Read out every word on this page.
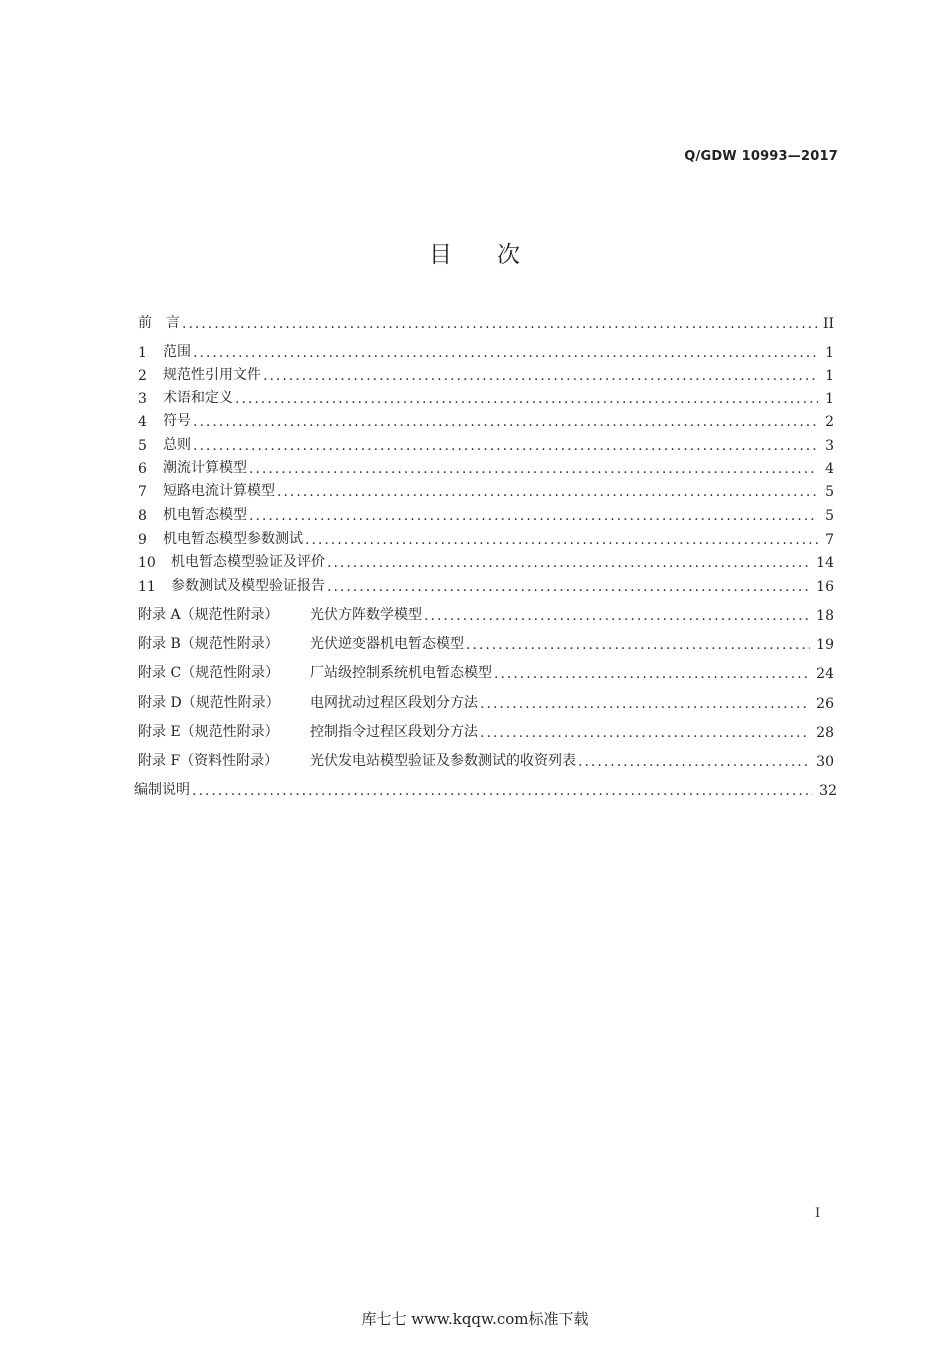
Q/GDW 10993—2017
目 次
前　言 .....	II
1	范围 .....	1
2	规范性引用文件 .....	1
3	术语和定义 .....	1
4	符号 .....	2
5	总则 .....	3
6	潮流计算模型 .....	4
7	短路电流计算模型 .....	5
8	机电暂态模型 .....	5
9	机电暂态模型参数测试 .....	7
10	机电暂态模型验证及评价 .....	14
11	参数测试及模型验证报告 .....	16
附录 A（规范性附录）	光伏方阵数学模型 .....	18
附录 B（规范性附录）	光伏逆变器机电暂态模型 .....	19
附录 C（规范性附录）	厂站级控制系统机电暂态模型 .....	24
附录 D（规范性附录）	电网扰动过程区段划分方法 .....	26
附录 E（规范性附录）	控制指令过程区段划分方法 .....	28
附录 F（资料性附录）	光伏发电站模型验证及参数测试的收资列表 .....	30
编制说明 .....	32
I
库七七 www.kqqw.com标准下载
